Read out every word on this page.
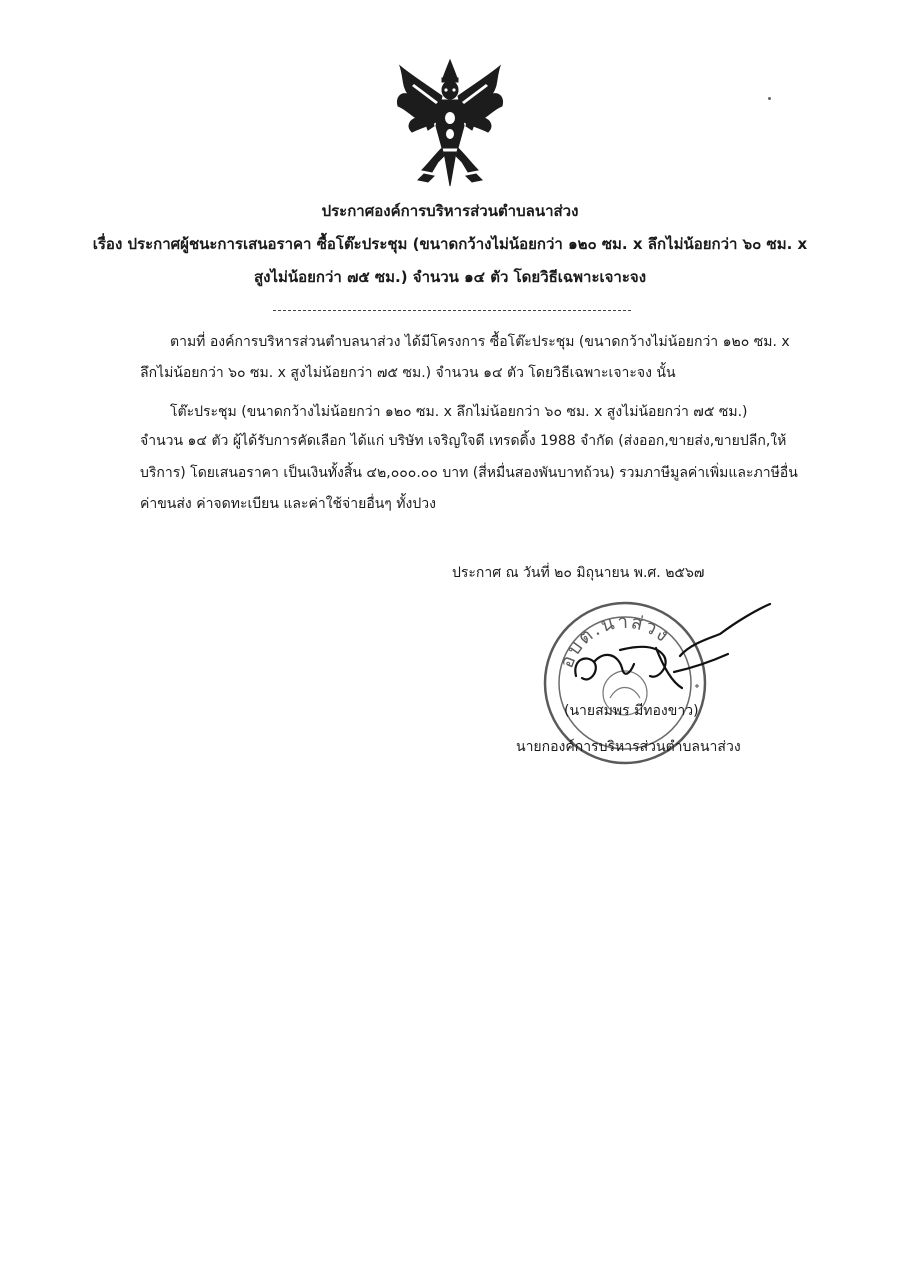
ประกาศองค์การบริหารส่วนตำบลนาส่วง
เรื่อง ประกาศผู้ชนะการเสนอราคา ซื้อโต๊ะประชุม (ขนาดกว้างไม่น้อยกว่า ๑๒๐ ซม. x ลึกไม่น้อยกว่า ๖๐ ซม. x
สูงไม่น้อยกว่า ๗๕ ซม.) จำนวน ๑๔ ตัว โดยวิธีเฉพาะเจาะจง
ตามที่ องค์การบริหารส่วนตำบลนาส่วง ได้มีโครงการ ซื้อโต๊ะประชุม (ขนาดกว้างไม่น้อยกว่า ๑๒๐ ซม. x
ลึกไม่น้อยกว่า ๖๐ ซม. x สูงไม่น้อยกว่า ๗๕ ซม.) จำนวน ๑๔ ตัว โดยวิธีเฉพาะเจาะจง นั้น
โต๊ะประชุม (ขนาดกว้างไม่น้อยกว่า ๑๒๐ ซม. x ลึกไม่น้อยกว่า ๖๐ ซม. x สูงไม่น้อยกว่า ๗๕ ซม.)
จำนวน ๑๔ ตัว ผู้ได้รับการคัดเลือก ได้แก่ บริษัท เจริญใจดี เทรดดิ้ง 1988 จำกัด (ส่งออก,ขายส่ง,ขายปลีก,ให้
บริการ) โดยเสนอราคา เป็นเงินทั้งสิ้น ๔๒,๐๐๐.๐๐ บาท (สี่หมื่นสองพันบาทถ้วน) รวมภาษีมูลค่าเพิ่มและภาษีอื่น
ค่าขนส่ง ค่าจดทะเบียน และค่าใช้จ่ายอื่นๆ ทั้งปวง
ประกาศ ณ วันที่ ๒๐ มิถุนายน พ.ศ. ๒๕๖๗
อบต.นาส่วง
(นายสมพร มีทองขาว)
นายกองค์การบริหารส่วนตำบลนาส่วง
